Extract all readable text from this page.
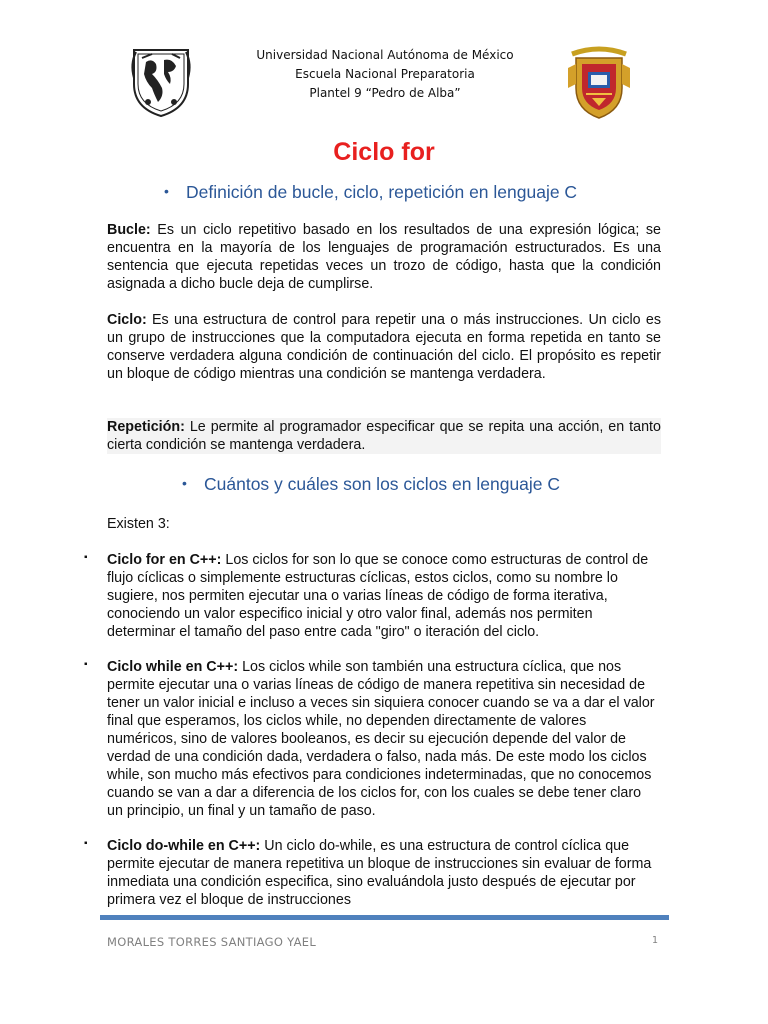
Universidad Nacional Autónoma de México
Escuela Nacional Preparatoria
Plantel 9 “Pedro de Alba”
Ciclo for
• Definición de bucle, ciclo, repetición en lenguaje C
Bucle: Es un ciclo repetitivo basado en los resultados de una expresión lógica; se encuentra en la mayoría de los lenguajes de programación estructurados. Es una sentencia que ejecuta repetidas veces un trozo de código, hasta que la condición asignada a dicho bucle deja de cumplirse.
Ciclo: Es una estructura de control para repetir una o más instrucciones. Un ciclo es un grupo de instrucciones que la computadora ejecuta en forma repetida en tanto se conserve verdadera alguna condición de continuación del ciclo. El propósito es repetir un bloque de código mientras una condición se mantenga verdadera.
Repetición: Le permite al programador especificar que se repita una acción, en tanto cierta condición se mantenga verdadera.
• Cuántos y cuáles son los ciclos en lenguaje C
Existen 3:
▪	Ciclo for en C++: Los ciclos for son lo que se conoce como estructuras de control de flujo cíclicas o simplemente estructuras cíclicas, estos ciclos, como su nombre lo sugiere, nos permiten ejecutar una o varias líneas de código de forma iterativa, conociendo un valor especifico inicial y otro valor final, además nos permiten determinar el tamaño del paso entre cada "giro" o iteración del ciclo.
▪	Ciclo while en C++: Los ciclos while son también una estructura cíclica, que nos permite ejecutar una o varias líneas de código de manera repetitiva sin necesidad de tener un valor inicial e incluso a veces sin siquiera conocer cuando se va a dar el valor final que esperamos, los ciclos while, no dependen directamente de valores numéricos, sino de valores booleanos, es decir su ejecución depende del valor de verdad de una condición dada, verdadera o falso, nada más. De este modo los ciclos while, son mucho más efectivos para condiciones indeterminadas, que no conocemos cuando se van a dar a diferencia de los ciclos for, con los cuales se debe tener claro un principio, un final y un tamaño de paso.
▪	Ciclo do-while en C++: Un ciclo do-while, es una estructura de control cíclica que permite ejecutar de manera repetitiva un bloque de instrucciones sin evaluar de forma inmediata una condición especifica, sino evaluándola justo después de ejecutar por primera vez el bloque de instrucciones
MORALES TORRES SANTIAGO YAEL	1
